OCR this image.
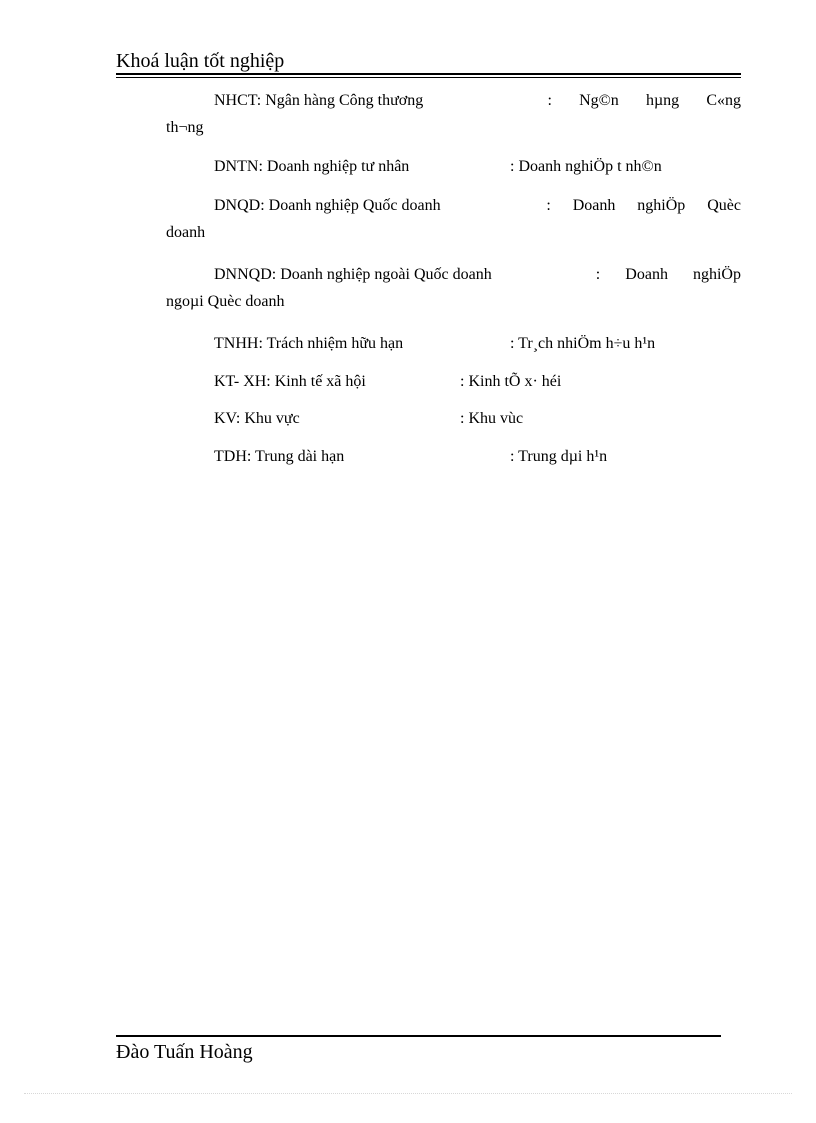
Khoá luận tốt nghiệp
NHCT: Ngân hàng Công thương	: Ng©n hµng C«ng
th¬ng
DNTN: Doanh nghiệp tư nhân	: Doanh nghiÖp t nh©n
DNQD: Doanh nghiệp Quốc doanh	: Doanh nghiÖp Quèc
doanh
DNNQD: Doanh nghiệp ngoài Quốc doanh	: Doanh nghiÖp
ngoµi Quèc doanh
TNHH: Trách nhiệm hữu hạn	: Tr¸ch nhiÖm h÷u h¹n
KT- XH: Kinh tế xã hội	: Kinh tÕ x· héi
KV: Khu vực	: Khu vùc
TDH: Trung dài hạn	: Trung dµi h¹n
Đào Tuấn Hoàng
